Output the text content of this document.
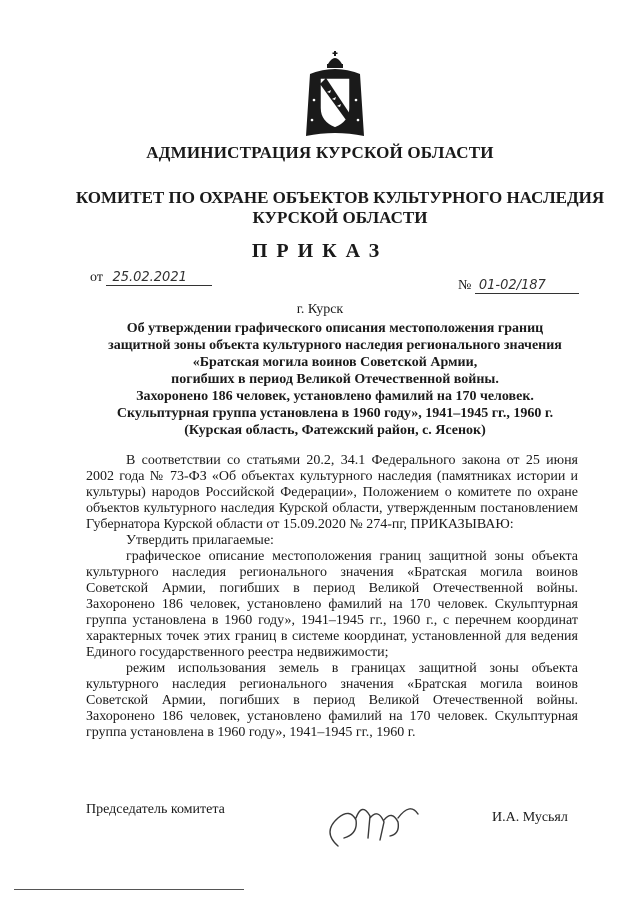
АДМИНИСТРАЦИЯ КУРСКОЙ ОБЛАСТИ
КОМИТЕТ ПО ОХРАНЕ ОБЪЕКТОВ КУЛЬТУРНОГО НАСЛЕДИЯ
КУРСКОЙ ОБЛАСТИ
ПРИКАЗ
от 25.02.2021
№ 01-02/187
г. Курск
Об утверждении графического описания местоположения границ
защитной зоны объекта культурного наследия регионального значения
«Братская могила воинов Советской Армии,
погибших в период Великой Отечественной войны.
Захоронено 186 человек, установлено фамилий на 170 человек.
Скульптурная группа установлена в 1960 году», 1941–1945 гг., 1960 г.
(Курская область, Фатежский район, с. Ясенок)

В соответствии со статьями 20.2, 34.1 Федерального закона от 25 июня 2002 года № 73-ФЗ «Об объектах культурного наследия (памятниках истории и культуры) народов Российской Федерации», Положением о комитете по охране объектов культурного наследия Курской области, утвержденным постановлением Губернатора Курской области от 15.09.2020 № 274-пг, ПРИКАЗЫВАЮ:

Утвердить прилагаемые:

графическое описание местоположения границ защитной зоны объекта культурного наследия регионального значения «Братская могила воинов Советской Армии, погибших в период Великой Отечественной войны. Захоронено 186 человек, установлено фамилий на 170 человек. Скульптурная группа установлена в 1960 году», 1941–1945 гг., 1960 г., с перечнем координат характерных точек этих границ в системе координат, установленной для ведения Единого государственного реестра недвижимости;

режим использования земель в границах защитной зоны объекта культурного наследия регионального значения «Братская могила воинов Советской Армии, погибших в период Великой Отечественной войны. Захоронено 186 человек, установлено фамилий на 170 человек. Скульптурная группа установлена в 1960 году», 1941–1945 гг., 1960 г.

Председатель комитета
И.А. Мусьял
